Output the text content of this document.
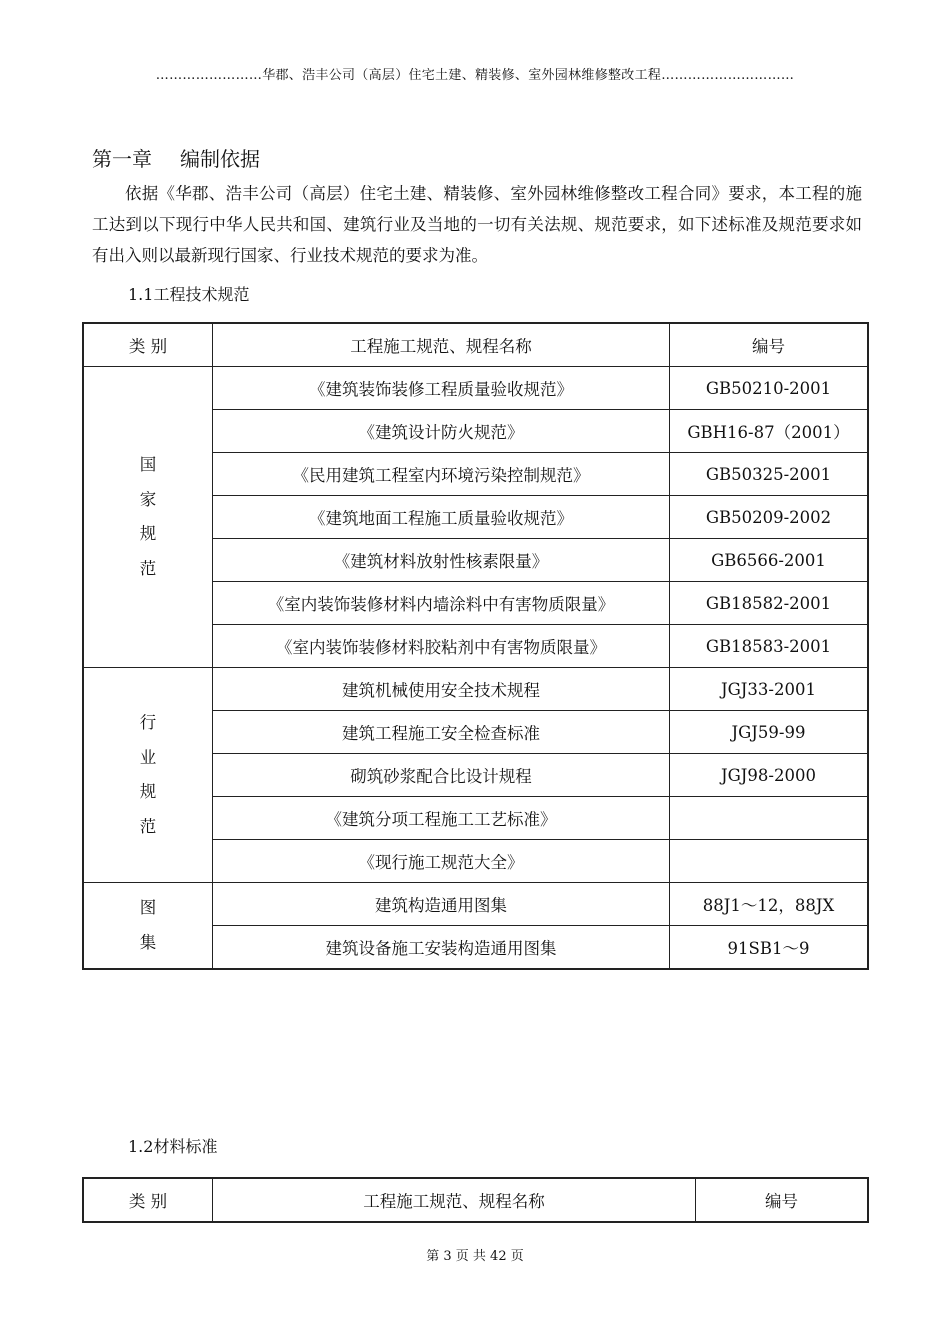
……………………华郡、浩丰公司（高层）住宅土建、精装修、室外园林维修整改工程…………………………
第一章 编制依据

依据《华郡、浩丰公司（高层）住宅土建、精装修、室外园林维修整改工程合同》要求，本工程的施工达到以下现行中华人民共和国、建筑行业及当地的一切有关法规、规范要求，如下述标准及规范要求如有出入则以最新现行国家、行业技术规范的要求为准。

1.1工程技术规范
类 别	工程施工规范、规程名称	编号

国
家
规
范	《建筑装饰装修工程质量验收规范》	GB50210-2001
	《建筑设计防火规范》	GBH16-87（2001）
	《民用建筑工程室内环境污染控制规范》	GB50325-2001
	《建筑地面工程施工质量验收规范》	GB50209-2002
	《建筑材料放射性核素限量》	GB6566-2001
	《室内装饰装修材料内墙涂料中有害物质限量》	GB18582-2001
	《室内装饰装修材料胶粘剂中有害物质限量》	GB18583-2001

行
业
规
范	建筑机械使用安全技术规程	JGJ33-2001
	建筑工程施工安全检查标准	JGJ59-99
	砌筑砂浆配合比设计规程	JGJ98-2000
	《建筑分项工程施工工艺标准》	
	《现行施工规范大全》	

图
集	建筑构造通用图集	88J1～12，88JX
	建筑设备施工安装构造通用图集	91SB1～9
1.2材料标准
类 别	工程施工规范、规程名称	编号
第 3 页 共 42 页
